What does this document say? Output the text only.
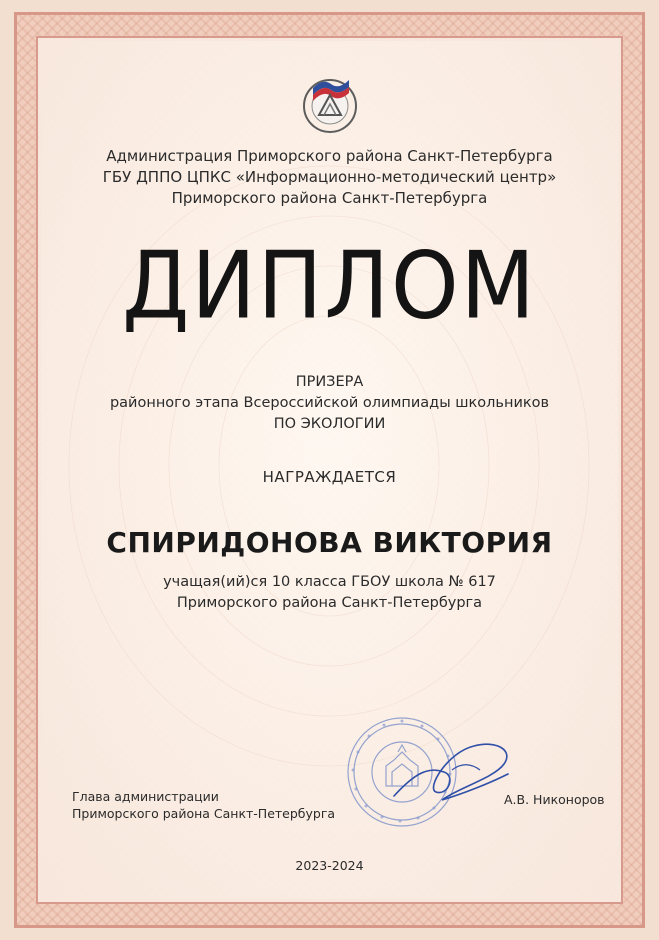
Администрация Приморского района Санкт-Петербурга
ГБУ ДППО ЦПКС «Информационно-методический центр»
Приморского района Санкт-Петербурга
ДИПЛОМ
ПРИЗЕРА
районного этапа Всероссийской олимпиады школьников
ПО ЭКОЛОГИИ
НАГРАЖДАЕТСЯ
СПИРИДОНОВА ВИКТОРИЯ
учащая(ий)ся 10 класса ГБОУ школа № 617
Приморского района Санкт-Петербурга
Глава администрации
Приморского района Санкт-Петербурга
А.В. Никоноров
2023-2024
